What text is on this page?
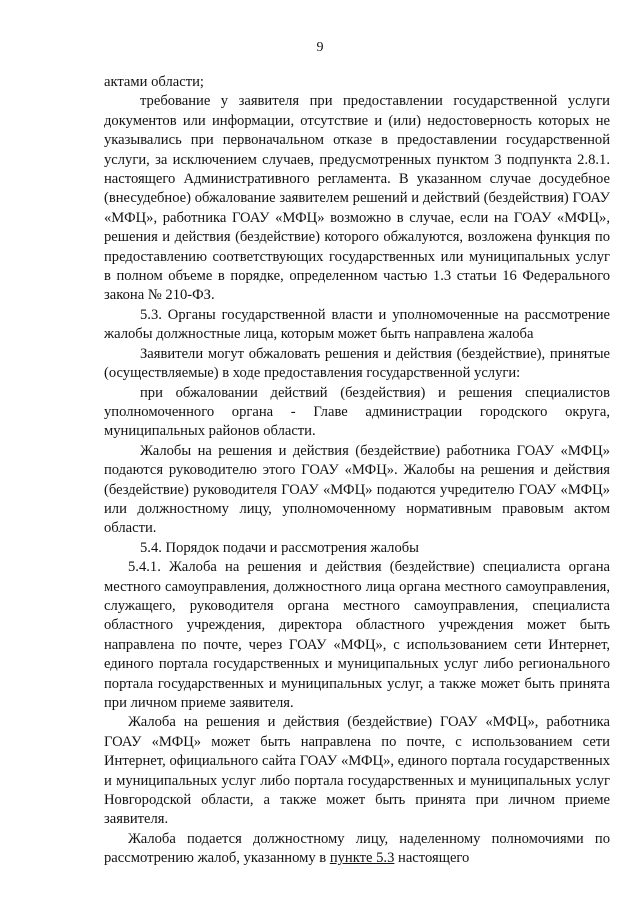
9

актами области;

требование у заявителя при предоставлении государственной услуги документов или информации, отсутствие и (или) недостоверность которых не указывались при первоначальном отказе в предоставлении государственной услуги, за исключением случаев, предусмотренных пунктом 3 подпункта 2.8.1. настоящего Административного регламента. В указанном случае досудебное (внесудебное) обжалование заявителем решений и действий (бездействия) ГОАУ «МФЦ», работника ГОАУ «МФЦ» возможно в случае, если на ГОАУ «МФЦ», решения и действия (бездействие) которого обжалуются, возложена функция по предоставлению соответствующих государственных или муниципальных услуг в полном объеме в порядке, определенном частью 1.3 статьи 16 Федерального закона № 210-ФЗ.

5.3. Органы государственной власти и уполномоченные на рассмотрение жалобы должностные лица, которым может быть направлена жалоба

Заявители могут обжаловать решения и действия (бездействие), принятые (осуществляемые) в ходе предоставления государственной услуги:

при обжаловании действий (бездействия) и решения специалистов уполномоченного органа - Главе администрации городского округа, муниципальных районов области.

Жалобы на решения и действия (бездействие) работника ГОАУ «МФЦ» подаются руководителю этого ГОАУ «МФЦ». Жалобы на решения и действия (бездействие) руководителя ГОАУ «МФЦ» подаются учредителю ГОАУ «МФЦ» или должностному лицу, уполномоченному нормативным правовым актом области.

5.4. Порядок подачи и рассмотрения жалобы

5.4.1. Жалоба на решения и действия (бездействие) специалиста органа местного самоуправления, должностного лица органа местного самоуправления, служащего, руководителя органа местного самоуправления, специалиста областного учреждения, директора областного учреждения может быть направлена по почте, через ГОАУ «МФЦ», с использованием сети Интернет, единого портала государственных и муниципальных услуг либо регионального портала государственных и муниципальных услуг, а также может быть принята при личном приеме заявителя.

Жалоба на решения и действия (бездействие) ГОАУ «МФЦ», работника ГОАУ «МФЦ» может быть направлена по почте, с использованием сети Интернет, официального сайта ГОАУ «МФЦ», единого портала государственных и муниципальных услуг либо портала государственных и муниципальных услуг Новгородской области, а также может быть принята при личном приеме заявителя.

Жалоба подается должностному лицу, наделенному полномочиями по рассмотрению жалоб, указанному в пункте 5.3 настоящего
